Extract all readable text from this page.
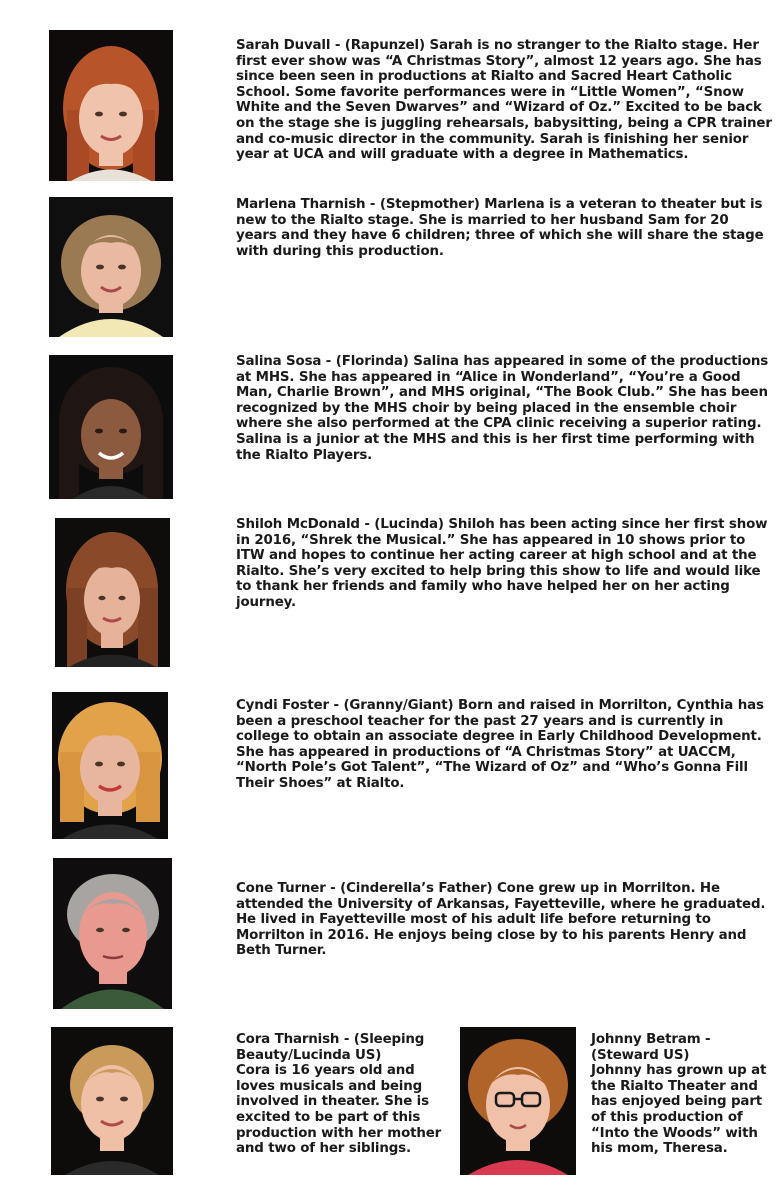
Sarah Duvall - (Rapunzel) Sarah is no stranger to the Rialto stage. Her first ever show was “A Christmas Story”, almost 12 years ago. She has since been seen in productions at Rialto and Sacred Heart Catholic School. Some favorite performances were in “Little Women”, “Snow White and the Seven Dwarves” and “Wizard of Oz.” Excited to be back on the stage she is juggling rehearsals, babysitting, being a CPR trainer and co-music director in the community. Sarah is finishing her senior year at UCA and will graduate with a degree in Mathematics.
Marlena Tharnish - (Stepmother) Marlena is a veteran to theater but is new to the Rialto stage. She is married to her husband Sam for 20 years and they have 6 children; three of which she will share the stage with during this production.
Salina Sosa - (Florinda) Salina has appeared in some of the productions at MHS. She has appeared in “Alice in Wonderland”, “You’re a Good Man, Charlie Brown”, and MHS original, “The Book Club.” She has been recognized by the MHS choir by being placed in the ensemble choir where she also performed at the CPA clinic receiving a superior rating. Salina is a junior at the MHS and this is her first time performing with the Rialto Players.
Shiloh McDonald - (Lucinda) Shiloh has been acting since her first show in 2016, “Shrek the Musical.” She has appeared in 10 shows prior to ITW and hopes to continue her acting career at high school and at the Rialto. She’s very excited to help bring this show to life and would like to thank her friends and family who have helped her on her acting journey.
Cyndi Foster - (Granny/Giant) Born and raised in Morrilton, Cynthia has been a preschool teacher for the past 27 years and is currently in college to obtain an associate degree in Early Childhood Development. She has appeared in productions of “A Christmas Story” at UACCM, “North Pole’s Got Talent”, “The Wizard of Oz” and “Who’s Gonna Fill Their Shoes” at Rialto.
Cone Turner - (Cinderella’s Father) Cone grew up in Morrilton. He attended the University of Arkansas, Fayetteville, where he graduated. He lived in Fayetteville most of his adult life before returning to Morrilton in 2016. He enjoys being close by to his parents Henry and Beth Turner.
Cora Tharnish - (Sleeping Beauty/Lucinda US)
Cora is 16 years old and loves musicals and being involved in theater. She is excited to be part of this production with her mother and two of her siblings.
Johnny Betram -
(Steward US)
Johnny has grown up at the Rialto Theater and has enjoyed being part of this production of “Into the Woods” with his mom, Theresa.
